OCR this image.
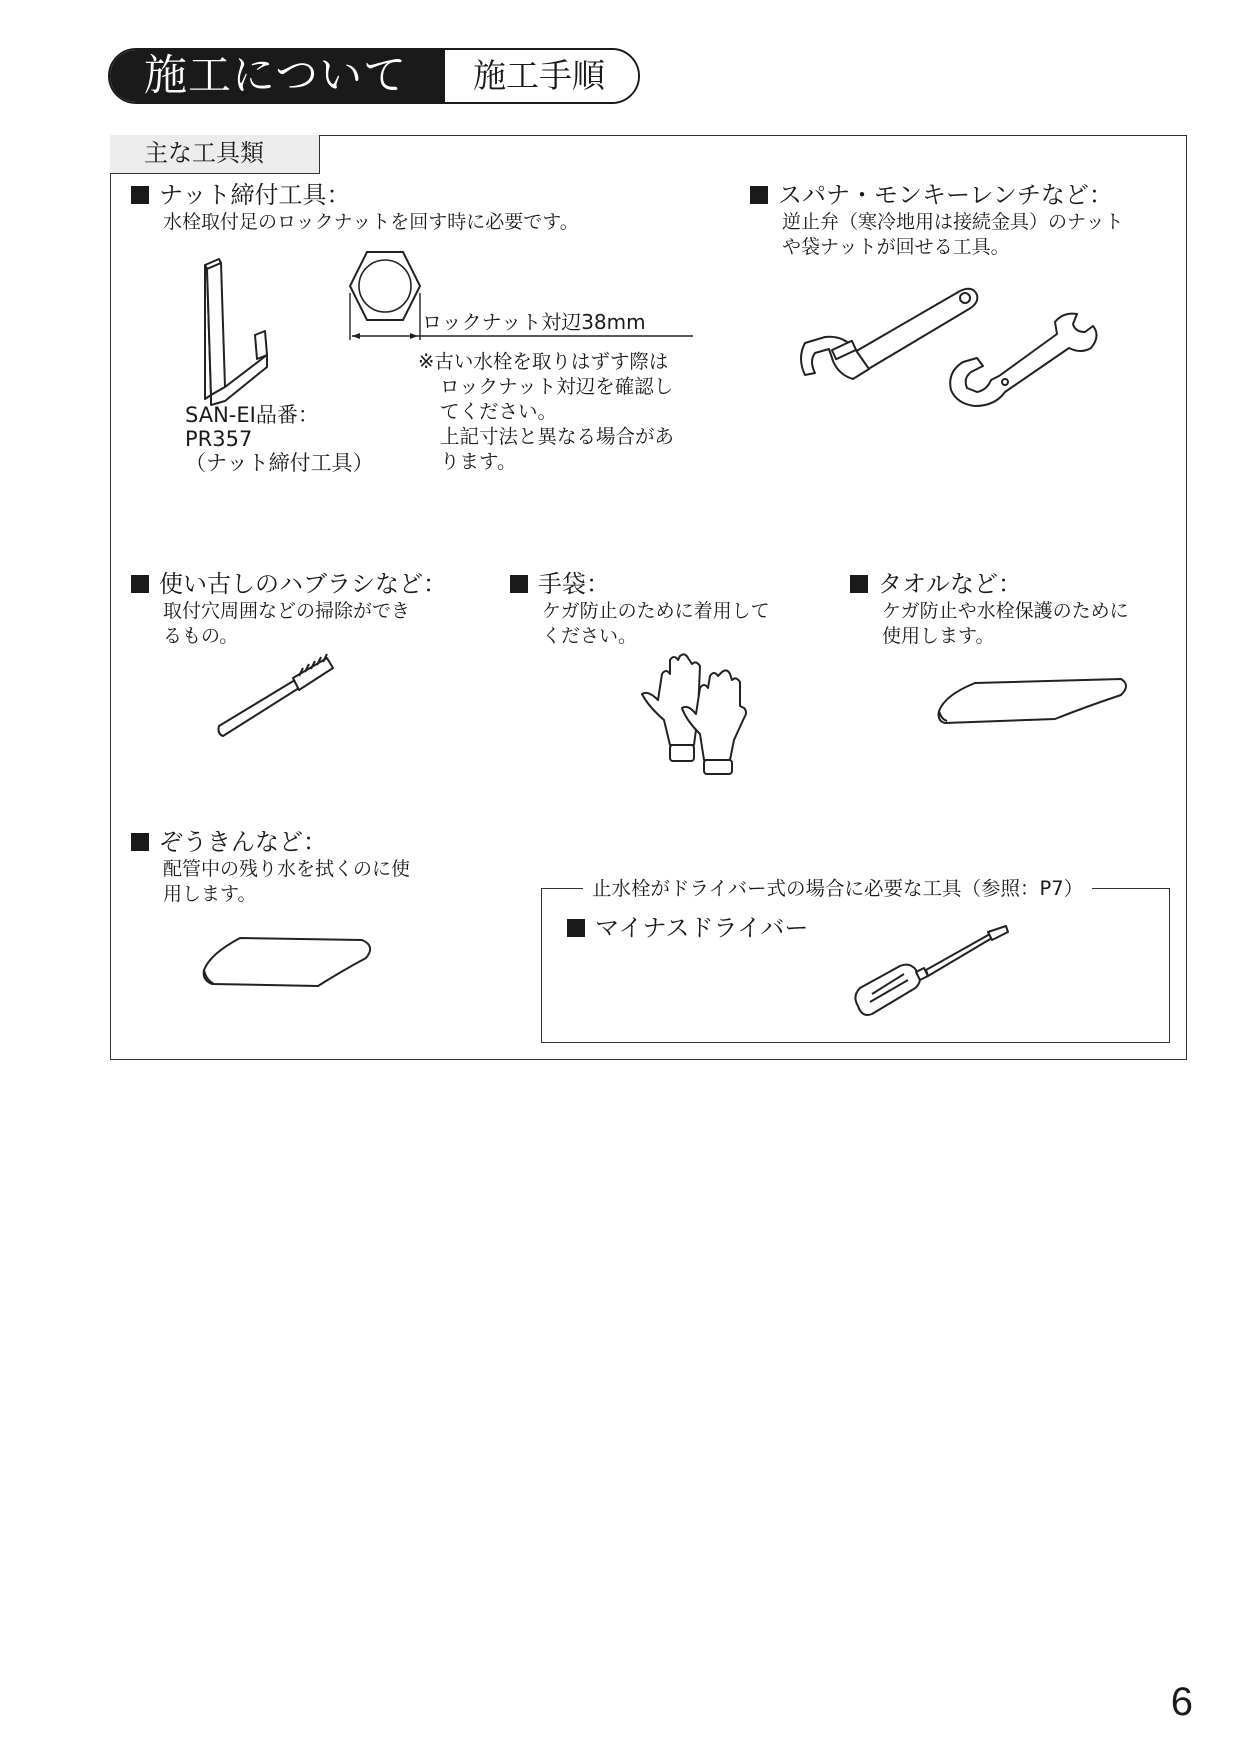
施工について	施工手順
主な工具類
ナット締付工具：
水栓取付足のロックナットを回す時に必要です。
ロックナット対辺38mm
※古い水栓を取りはずす際は
ロックナット対辺を確認し
てください。
上記寸法と異なる場合があ
ります。
SAN-EI品番：
PR357
（ナット締付工具）
スパナ・モンキーレンチなど：
逆止弁（寒冷地用は接続金具）のナット
や袋ナットが回せる工具。
使い古しのハブラシなど：
取付穴周囲などの掃除ができ
るもの。
手袋：
ケガ防止のために着用して
ください。
タオルなど：
ケガ防止や水栓保護のために
使用します。
ぞうきんなど：
配管中の残り水を拭くのに使
用します。	止水栓がドライバー式の場合に必要な工具（参照：P7）
マイナスドライバー
6
